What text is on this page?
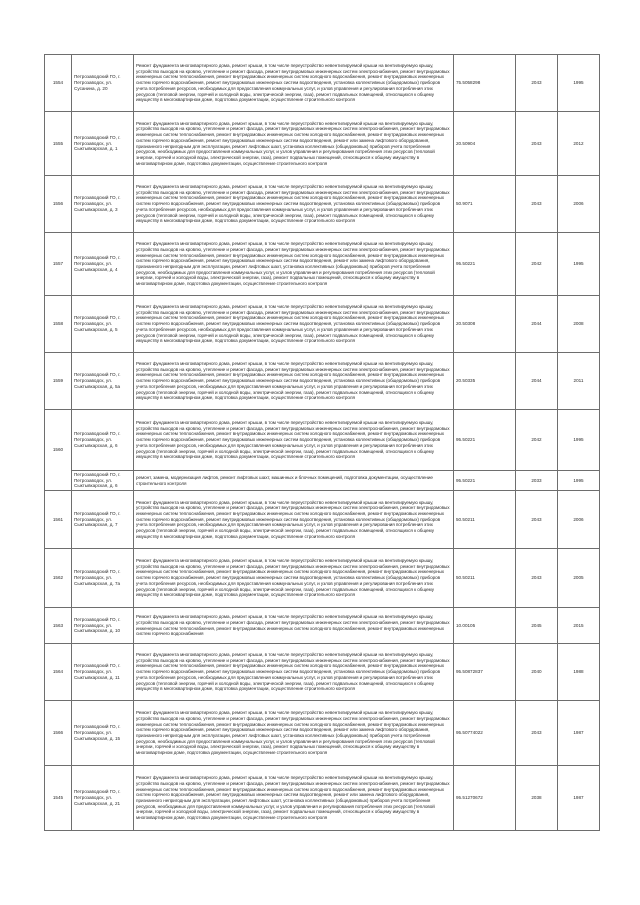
1554	Петрозаводский ГО, г. Петрозаводск, ул. Сусанина, д. 20	Ремонт фундамента многоквартирного дома, ремонт крыши, в том числе переустройство невентилируемой крыши на вентилируемую крышу, устройство выходов на кровлю, утепление и ремонт фасада, ремонт внутридомовых инженерных систем электроснабжения, ремонт внутридомовых инженерных систем теплоснабжения, ремонт внутридомовых инженерных систем холодного водоснабжения, ремонт внутридомовых инженерных систем горячего водоснабжения, ремонт внутридомовых инженерных систем водоотведения, установка коллективных (общедомовых) приборов учета потребления ресурсов, необходимых для предоставления коммунальных услуг, и узлов управления и регулирования потребления этих ресурсов (тепловой энергии, горячей и холодной воды, электрической энергии, газа), ремонт подвальных помещений, относящихся к общему имуществу в многоквартирном доме, подготовка документации, осуществление строительного контроля	75.5058298	2043	1995
1555	Петрозаводский ГО, г. Петрозаводск, ул. Сыктывкарская, д. 1	Ремонт фундамента многоквартирного дома, ремонт крыши, в том числе переустройство невентилируемой крыши на вентилируемую крышу, устройство выходов на кровлю, утепление и ремонт фасада, ремонт внутридомовых инженерных систем электроснабжения, ремонт внутридомовых инженерных систем теплоснабжения, ремонт внутридомовых инженерных систем холодного водоснабжения, ремонт внутридомовых инженерных систем горячего водоснабжения, ремонт внутридомовых инженерных систем водоотведения, ремонт или замена лифтового оборудования, признанного непригодным для эксплуатации, ремонт лифтовых шахт, установка коллективных (общедомовых) приборов учета потребления ресурсов, необходимых для предоставления коммунальных услуг, и узлов управления и регулирования потребления этих ресурсов (тепловой энергии, горячей и холодной воды, электрической энергии, газа), ремонт подвальных помещений, относящихся к общему имуществу в многоквартирном доме, подготовка документации, осуществление строительного контроля	20.50904	2043	2012
1556	Петрозаводский ГО, г. Петрозаводск, ул. Сыктывкарская, д. 3	Ремонт фундамента многоквартирного дома, ремонт крыши, в том числе переустройство невентилируемой крыши на вентилируемую крышу, устройство выходов на кровлю, утепление и ремонт фасада, ремонт внутридомовых инженерных систем электроснабжения, ремонт внутридомовых инженерных систем теплоснабжения, ремонт внутридомовых инженерных систем холодного водоснабжения, ремонт внутридомовых инженерных систем горячего водоснабжения, ремонт внутридомовых инженерных систем водоотведения, установка коллективных (общедомовых) приборов учета потребления ресурсов, необходимых для предоставления коммунальных услуг, и узлов управления и регулирования потребления этих ресурсов (тепловой энергии, горячей и холодной воды, электрической энергии, газа), ремонт подвальных помещений, относящихся к общему имуществу в многоквартирном доме, подготовка документации, осуществление строительного контроля	50.9071	2043	2006
1557	Петрозаводский ГО, г. Петрозаводск, ул. Сыктывкарская, д. 4	Ремонт фундамента многоквартирного дома, ремонт крыши, в том числе переустройство невентилируемой крыши на вентилируемую крышу, устройство выходов на кровлю, утепление и ремонт фасада, ремонт внутридомовых инженерных систем электроснабжения, ремонт внутридомовых инженерных систем теплоснабжения, ремонт внутридомовых инженерных систем холодного водоснабжения, ремонт внутридомовых инженерных систем горячего водоснабжения, ремонт внутридомовых инженерных систем водоотведения, ремонт или замена лифтового оборудования, признанного непригодным для эксплуатации, ремонт лифтовых шахт, установка коллективных (общедомовых) приборов учета потребления ресурсов, необходимых для предоставления коммунальных услуг, и узлов управления и регулирования потребления этих ресурсов (тепловой энергии, горячей и холодной воды, электрической энергии, газа), ремонт подвальных помещений, относящихся к общему имуществу в многоквартирном доме, подготовка документации, осуществление строительного контроля	95.50221	2042	1995
1558	Петрозаводский ГО, г. Петрозаводск, ул. Сыктывкарская, д. 5	Ремонт фундамента многоквартирного дома, ремонт крыши, в том числе переустройство невентилируемой крыши на вентилируемую крышу, устройство выходов на кровлю, утепление и ремонт фасада, ремонт внутридомовых инженерных систем электроснабжения, ремонт внутридомовых инженерных систем теплоснабжения, ремонт внутридомовых инженерных систем холодного водоснабжения, ремонт внутридомовых инженерных систем горячего водоснабжения, ремонт внутридомовых инженерных систем водоотведения, установка коллективных (общедомовых) приборов учета потребления ресурсов, необходимых для предоставления коммунальных услуг, и узлов управления и регулирования потребления этих ресурсов (тепловой энергии, горячей и холодной воды, электрической энергии, газа), ремонт подвальных помещений, относящихся к общему имуществу в многоквартирном доме, подготовка документации, осуществление строительного контроля	20.50308	2044	2008
1559	Петрозаводский ГО, г. Петрозаводск, ул. Сыктывкарская, д. 5а	Ремонт фундамента многоквартирного дома, ремонт крыши, в том числе переустройство невентилируемой крыши на вентилируемую крышу, устройство выходов на кровлю, утепление и ремонт фасада, ремонт внутридомовых инженерных систем электроснабжения, ремонт внутридомовых инженерных систем теплоснабжения, ремонт внутридомовых инженерных систем холодного водоснабжения, ремонт внутридомовых инженерных систем горячего водоснабжения, ремонт внутридомовых инженерных систем водоотведения, установка коллективных (общедомовых) приборов учета потребления ресурсов, необходимых для предоставления коммунальных услуг, и узлов управления и регулирования потребления этих ресурсов (тепловой энергии, горячей и холодной воды, электрической энергии, газа), ремонт подвальных помещений, относящихся к общему имуществу в многоквартирном доме, подготовка документации, осуществление строительного контроля	20.50335	2044	2011
1560	Петрозаводский ГО, г. Петрозаводск, ул. Сыктывкарская, д. 6	Ремонт фундамента многоквартирного дома, ремонт крыши, в том числе переустройство невентилируемой крыши на вентилируемую крышу, устройство выходов на кровлю, утепление и ремонт фасада, ремонт внутридомовых инженерных систем электроснабжения, ремонт внутридомовых инженерных систем теплоснабжения, ремонт внутридомовых инженерных систем холодного водоснабжения, ремонт внутридомовых инженерных систем горячего водоснабжения, ремонт внутридомовых инженерных систем водоотведения, установка коллективных (общедомовых) приборов учета потребления ресурсов, необходимых для предоставления коммунальных услуг, и узлов управления и регулирования потребления этих ресурсов (тепловой энергии, горячей и холодной воды, электрической энергии, газа), ремонт подвальных помещений, относящихся к общему имуществу в многоквартирном доме, подготовка документации, осуществление строительного контроля	95.50221	2042	1995
	Петрозаводский ГО, г. Петрозаводск, ул. Сыктывкарская, д. 6	ремонт, замена, модернизация лифтов, ремонт лифтовых шахт, машинных и блочных помещений, подготовка документации, осуществление строительного контроля	95.50221	2033	1995
1561	Петрозаводский ГО, г. Петрозаводск, ул. Сыктывкарская, д. 7	Ремонт фундамента многоквартирного дома, ремонт крыши, в том числе переустройство невентилируемой крыши на вентилируемую крышу, устройство выходов на кровлю, утепление и ремонт фасада, ремонт внутридомовых инженерных систем электроснабжения, ремонт внутридомовых инженерных систем теплоснабжения, ремонт внутридомовых инженерных систем холодного водоснабжения, ремонт внутридомовых инженерных систем горячего водоснабжения, ремонт внутридомовых инженерных систем водоотведения, установка коллективных (общедомовых) приборов учета потребления ресурсов, необходимых для предоставления коммунальных услуг, и узлов управления и регулирования потребления этих ресурсов (тепловой энергии, горячей и холодной воды, электрической энергии, газа), ремонт подвальных помещений, относящихся к общему имуществу в многоквартирном доме, подготовка документации, осуществление строительного контроля	50.50211	2043	2006
1562	Петрозаводский ГО, г. Петрозаводск, ул. Сыктывкарская, д. 7а	Ремонт фундамента многоквартирного дома, ремонт крыши, в том числе переустройство невентилируемой крыши на вентилируемую крышу, устройство выходов на кровлю, утепление и ремонт фасада, ремонт внутридомовых инженерных систем электроснабжения, ремонт внутридомовых инженерных систем теплоснабжения, ремонт внутридомовых инженерных систем холодного водоснабжения, ремонт внутридомовых инженерных систем горячего водоснабжения, ремонт внутридомовых инженерных систем водоотведения, установка коллективных (общедомовых) приборов учета потребления ресурсов, необходимых для предоставления коммунальных услуг, и узлов управления и регулирования потребления этих ресурсов (тепловой энергии, горячей и холодной воды, электрической энергии, газа), ремонт подвальных помещений, относящихся к общему имуществу в многоквартирном доме, подготовка документации, осуществление строительного контроля	50.50211	2043	2005
1563	Петрозаводский ГО, г. Петрозаводск, ул. Сыктывкарская, д. 10	Ремонт фундамента многоквартирного дома, ремонт крыши, в том числе переустройство невентилируемой крыши на вентилируемую крышу, устройство выходов на кровлю, утепление и ремонт фасада, ремонт внутридомовых инженерных систем электроснабжения, ремонт внутридомовых инженерных систем теплоснабжения, ремонт внутридомовых инженерных систем холодного водоснабжения, ремонт внутридомовых инженерных систем горячего водоснабжения	10.00105	2045	2015
1564	Петрозаводский ГО, г. Петрозаводск, ул. Сыктывкарская, д. 11	Ремонт фундамента многоквартирного дома, ремонт крыши, в том числе переустройство невентилируемой крыши на вентилируемую крышу, устройство выходов на кровлю, утепление и ремонт фасада, ремонт внутридомовых инженерных систем электроснабжения, ремонт внутридомовых инженерных систем теплоснабжения, ремонт внутридомовых инженерных систем холодного водоснабжения, ремонт внутридомовых инженерных систем горячего водоснабжения, ремонт внутридомовых инженерных систем водоотведения, установка коллективных (общедомовых) приборов учета потребления ресурсов, необходимых для предоставления коммунальных услуг, и узлов управления и регулирования потребления этих ресурсов (тепловой энергии, горячей и холодной воды, электрической энергии, газа), ремонт подвальных помещений, относящихся к общему имуществу в многоквартирном доме, подготовка документации, осуществление строительного контроля	95.50872837	2040	1988
1566	Петрозаводский ГО, г. Петрозаводск, ул. Сыктывкарская, д. 15	Ремонт фундамента многоквартирного дома, ремонт крыши, в том числе переустройство невентилируемой крыши на вентилируемую крышу, устройство выходов на кровлю, утепление и ремонт фасада, ремонт внутридомовых инженерных систем электроснабжения, ремонт внутридомовых инженерных систем теплоснабжения, ремонт внутридомовых инженерных систем холодного водоснабжения, ремонт внутридомовых инженерных систем горячего водоснабжения, ремонт внутридомовых инженерных систем водоотведения, ремонт или замена лифтового оборудования, признанного непригодным для эксплуатации, ремонт лифтовых шахт, установка коллективных (общедомовых) приборов учета потребления ресурсов, необходимых для предоставления коммунальных услуг, и узлов управления и регулирования потребления этих ресурсов (тепловой энергии, горячей и холодной воды, электрической энергии, газа), ремонт подвальных помещений, относящихся к общему имуществу в многоквартирном доме, подготовка документации, осуществление строительного контроля	95.50774022	2043	1987
1545	Петрозаводский ГО, г. Петрозаводск, ул. Сыктывкарская, д. 21	Ремонт фундамента многоквартирного дома, ремонт крыши, в том числе переустройство невентилируемой крыши на вентилируемую крышу, устройство выходов на кровлю, утепление и ремонт фасада, ремонт внутридомовых инженерных систем электроснабжения, ремонт внутридомовых инженерных систем теплоснабжения, ремонт внутридомовых инженерных систем холодного водоснабжения, ремонт внутридомовых инженерных систем горячего водоснабжения, ремонт внутридомовых инженерных систем водоотведения, ремонт или замена лифтового оборудования, признанного непригодным для эксплуатации, ремонт лифтовых шахт, установка коллективных (общедомовых) приборов учета потребления ресурсов, необходимых для предоставления коммунальных услуг, и узлов управления и регулирования потребления этих ресурсов (тепловой энергии, горячей и холодной воды, электрической энергии, газа), ремонт подвальных помещений, относящихся к общему имуществу в многоквартирном доме, подготовка документации, осуществление строительного контроля	95.51270672	2038	1987
